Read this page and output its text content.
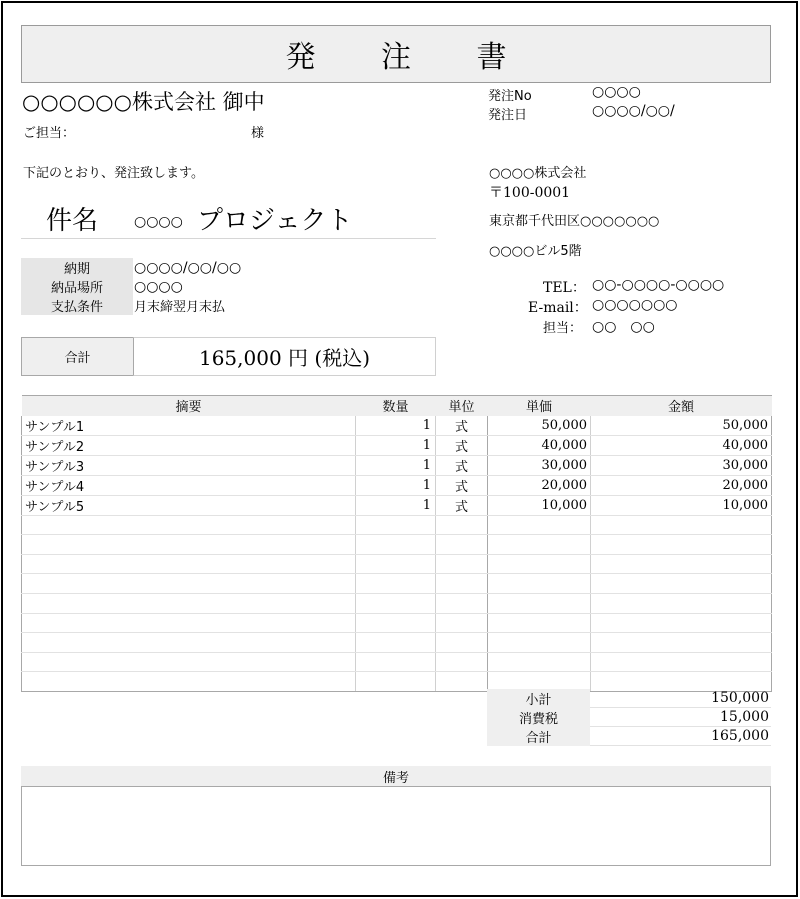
発 注 書
○○○○○○株式会社 御中
ご担当：	様
下記のとおり、発注致します。
発注No	○○○○
発注日	○○○○/○○/
件名	○○○○ プロジェクト
○○○○株式会社
〒100-0001
東京都千代田区○○○○○○○
○○○○ビル5階
TEL： ○○-○○○○-○○○○
E-mail： ○○○○○○○
担当： ○○　○○
納期	○○○○/○○/○○
納品場所	○○○○
支払条件	月末締翌月末払
合計	165,000 円 (税込)
摘要	数量	単位	単価	金額
サンプル1	1	式	50,000	50,000
サンプル2	1	式	40,000	40,000
サンプル3	1	式	30,000	30,000
サンプル4	1	式	20,000	20,000
サンプル5	1	式	10,000	10,000

小計	150,000
消費税	15,000
合計	165,000
備考
